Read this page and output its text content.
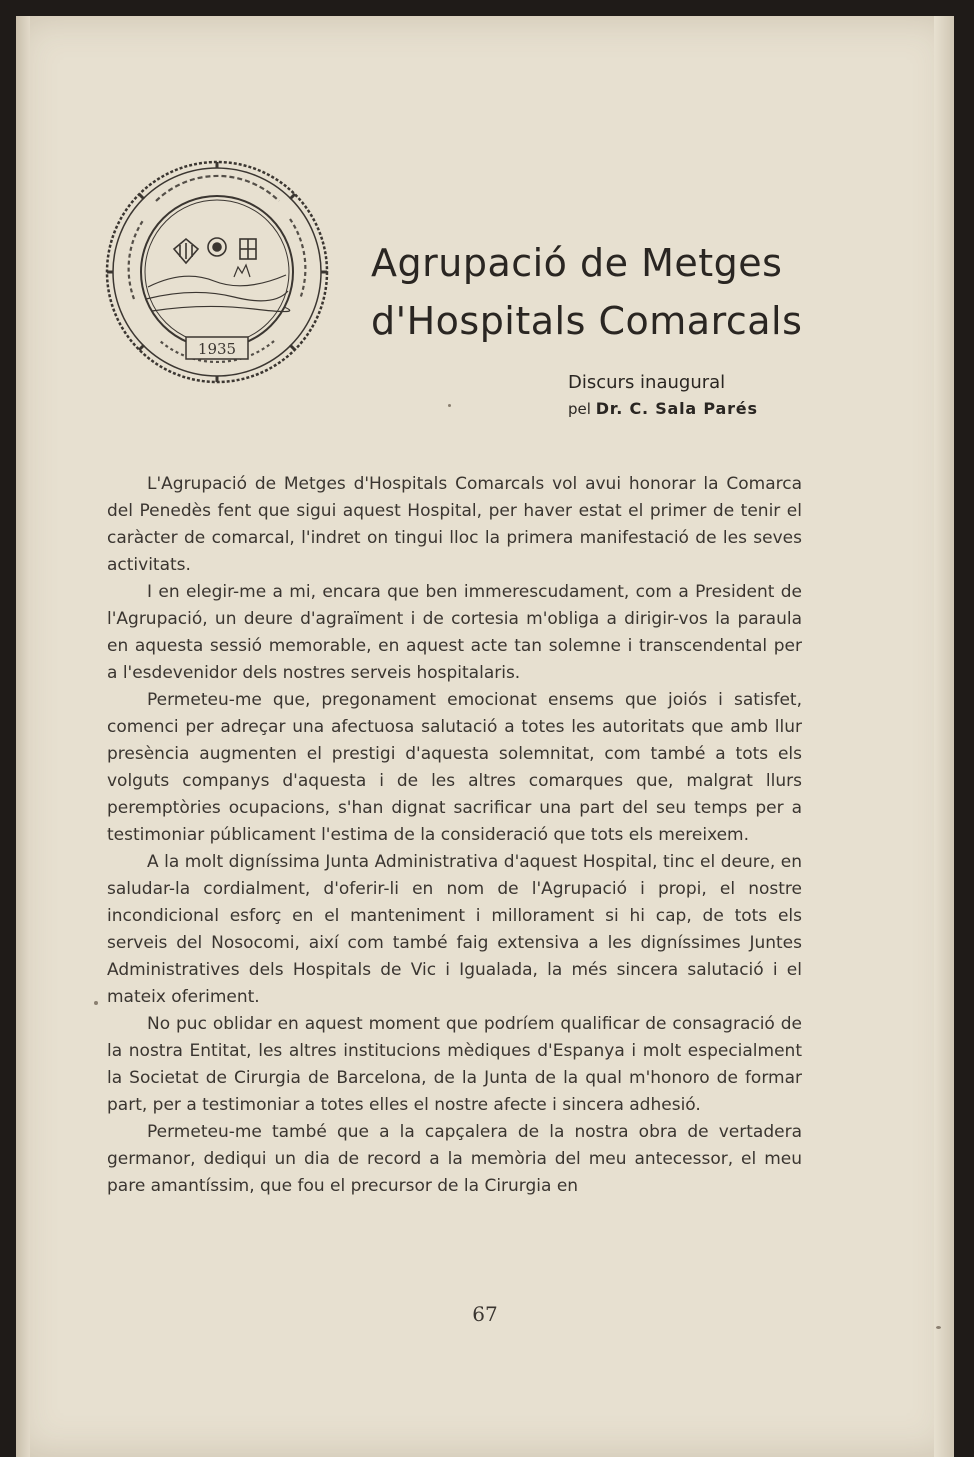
1935
Agrupació de Metges
d'Hospitals Comarcals
Discurs inaugural
pel Dr. C. Sala Parés

L'Agrupació de Metges d'Hospitals Comarcals vol avui honorar la Comarca del Penedès fent que sigui aquest Hospital, per haver estat el primer de tenir el caràcter de comarcal, l'indret on tingui lloc la primera manifestació de les seves activitats.

I en elegir-me a mi, encara que ben immerescudament, com a President de l'Agrupació, un deure d'agraïment i de cortesia m'obliga a dirigir-vos la paraula en aquesta sessió memorable, en aquest acte tan solemne i transcendental per a l'esdevenidor dels nostres serveis hospitalaris.

Permeteu-me que, pregonament emocionat ensems que joiós i satisfet, comenci per adreçar una afectuosa salutació a totes les autoritats que amb llur presència augmenten el prestigi d'aquesta solemnitat, com també a tots els volguts companys d'aquesta i de les altres comarques que, malgrat llurs peremptòries ocupacions, s'han dignat sacrificar una part del seu temps per a testimoniar públicament l'estima de la consideració que tots els mereixem.

A la molt digníssima Junta Administrativa d'aquest Hospital, tinc el deure, en saludar-la cordialment, d'oferir-li en nom de l'Agrupació i propi, el nostre incondicional esforç en el manteniment i millorament si hi cap, de tots els serveis del Nosocomi, així com també faig extensiva a les digníssimes Juntes Administratives dels Hospitals de Vic i Igualada, la més sincera salutació i el mateix oferiment.

No puc oblidar en aquest moment que podríem qualificar de consagració de la nostra Entitat, les altres institucions mèdiques d'Espanya i molt especialment la Societat de Cirurgia de Barcelona, de la Junta de la qual m'honoro de formar part, per a testimoniar a totes elles el nostre afecte i sincera adhesió.

Permeteu-me també que a la capçalera de la nostra obra de vertadera germanor, dediqui un dia de record a la memòria del meu antecessor, el meu pare amantíssim, que fou el precursor de la Cirurgia en

67
